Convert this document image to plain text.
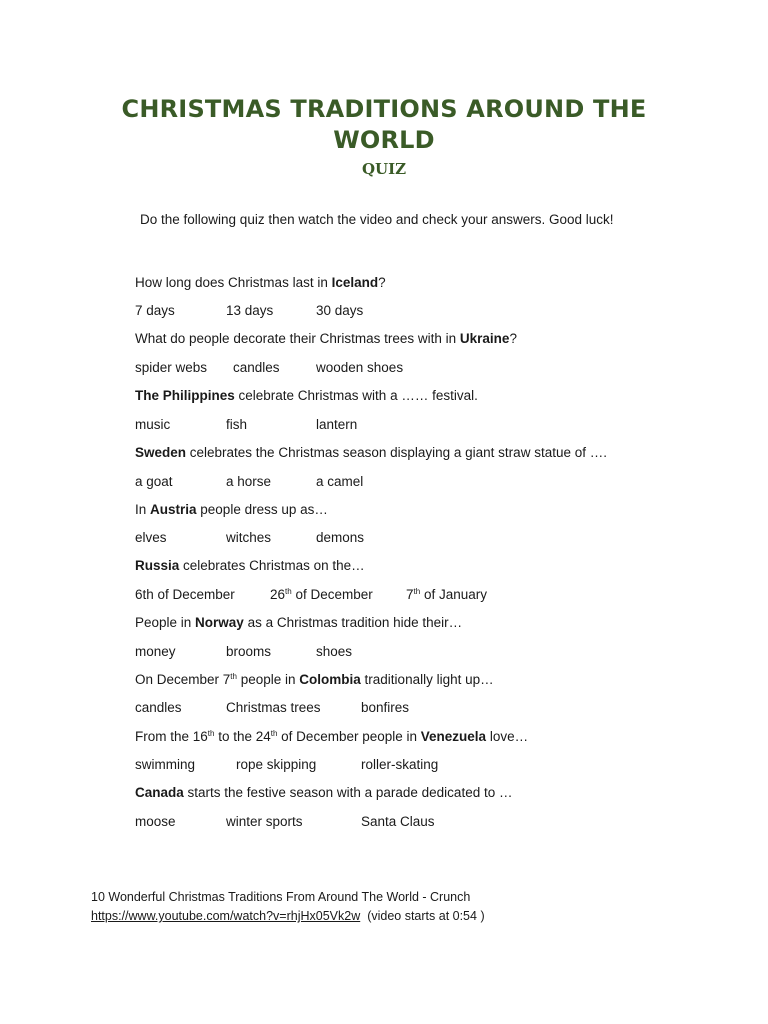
CHRISTMAS TRADITIONS AROUND THE
WORLD
QUIZ
Do the following quiz then watch the video and check your answers. Good luck!
How long does Christmas last in Iceland?
7 days	13 days	30 days
What do people decorate their Christmas trees with in Ukraine?
spider webs candles	wooden shoes
The Philippines celebrate Christmas with a …… festival.
music	fish	lantern
Sweden celebrates the Christmas season displaying a giant straw statue of ….
a goat	a horse	a camel
In Austria people dress up as…
elves	witches	demons
Russia celebrates Christmas on the…
6th of December	26th of December 7th of January
People in Norway as a Christmas tradition hide their…
money	brooms	shoes
On December 7th people in Colombia traditionally light up…
candles	Christmas trees	bonfires
From the 16th to the 24th of December people in Venezuela love…
swimming	rope skipping	roller-skating
Canada starts the festive season with a parade dedicated to …
moose	winter sports	Santa Claus
10 Wonderful Christmas Traditions From Around The World - Crunch
https://www.youtube.com/watch?v=rhjHx05Vk2w (video starts at 0:54 )
